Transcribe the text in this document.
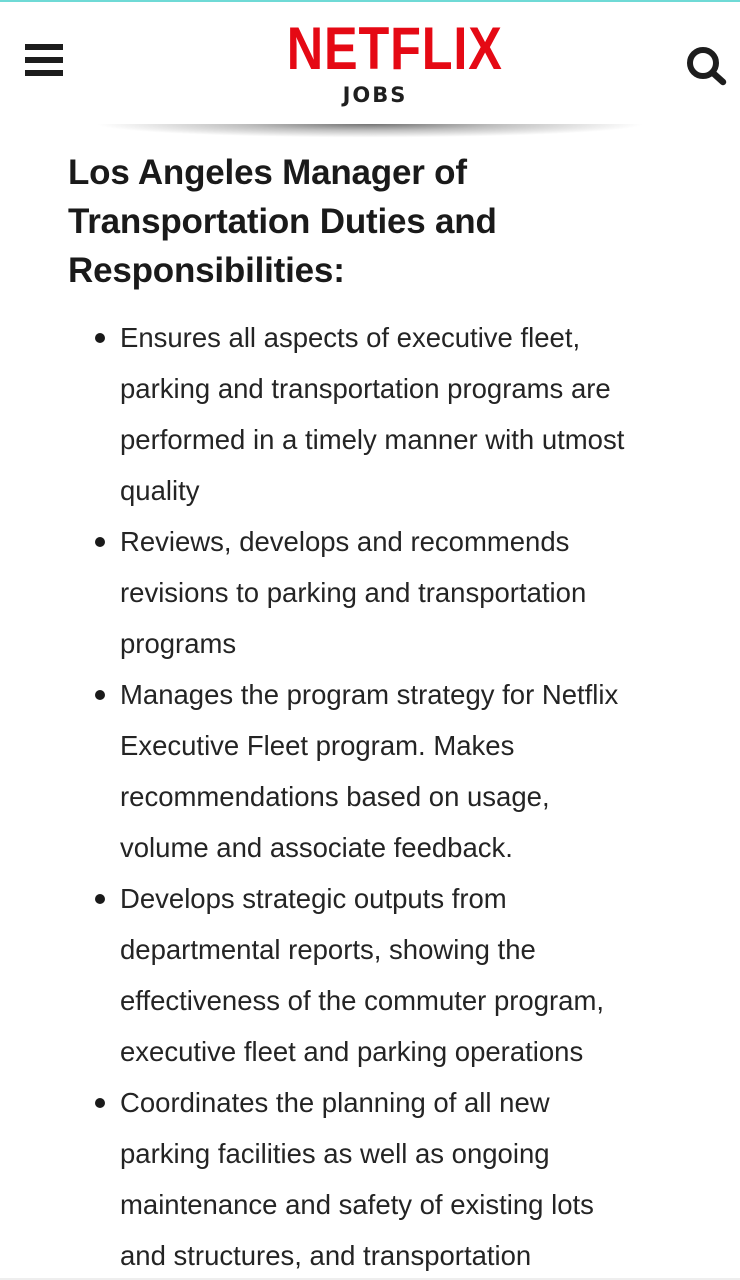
NETFLIX
JOBS
Los Angeles Manager of
Transportation Duties and
Responsibilities:
Ensures all aspects of executive fleet,
parking and transportation programs are
performed in a timely manner with utmost
quality
Reviews, develops and recommends
revisions to parking and transportation
programs
Manages the program strategy for Netflix
Executive Fleet program. Makes
recommendations based on usage,
volume and associate feedback.
Develops strategic outputs from
departmental reports, showing the
effectiveness of the commuter program,
executive fleet and parking operations
Coordinates the planning of all new
parking facilities as well as ongoing
maintenance and safety of existing lots
and structures, and transportation
